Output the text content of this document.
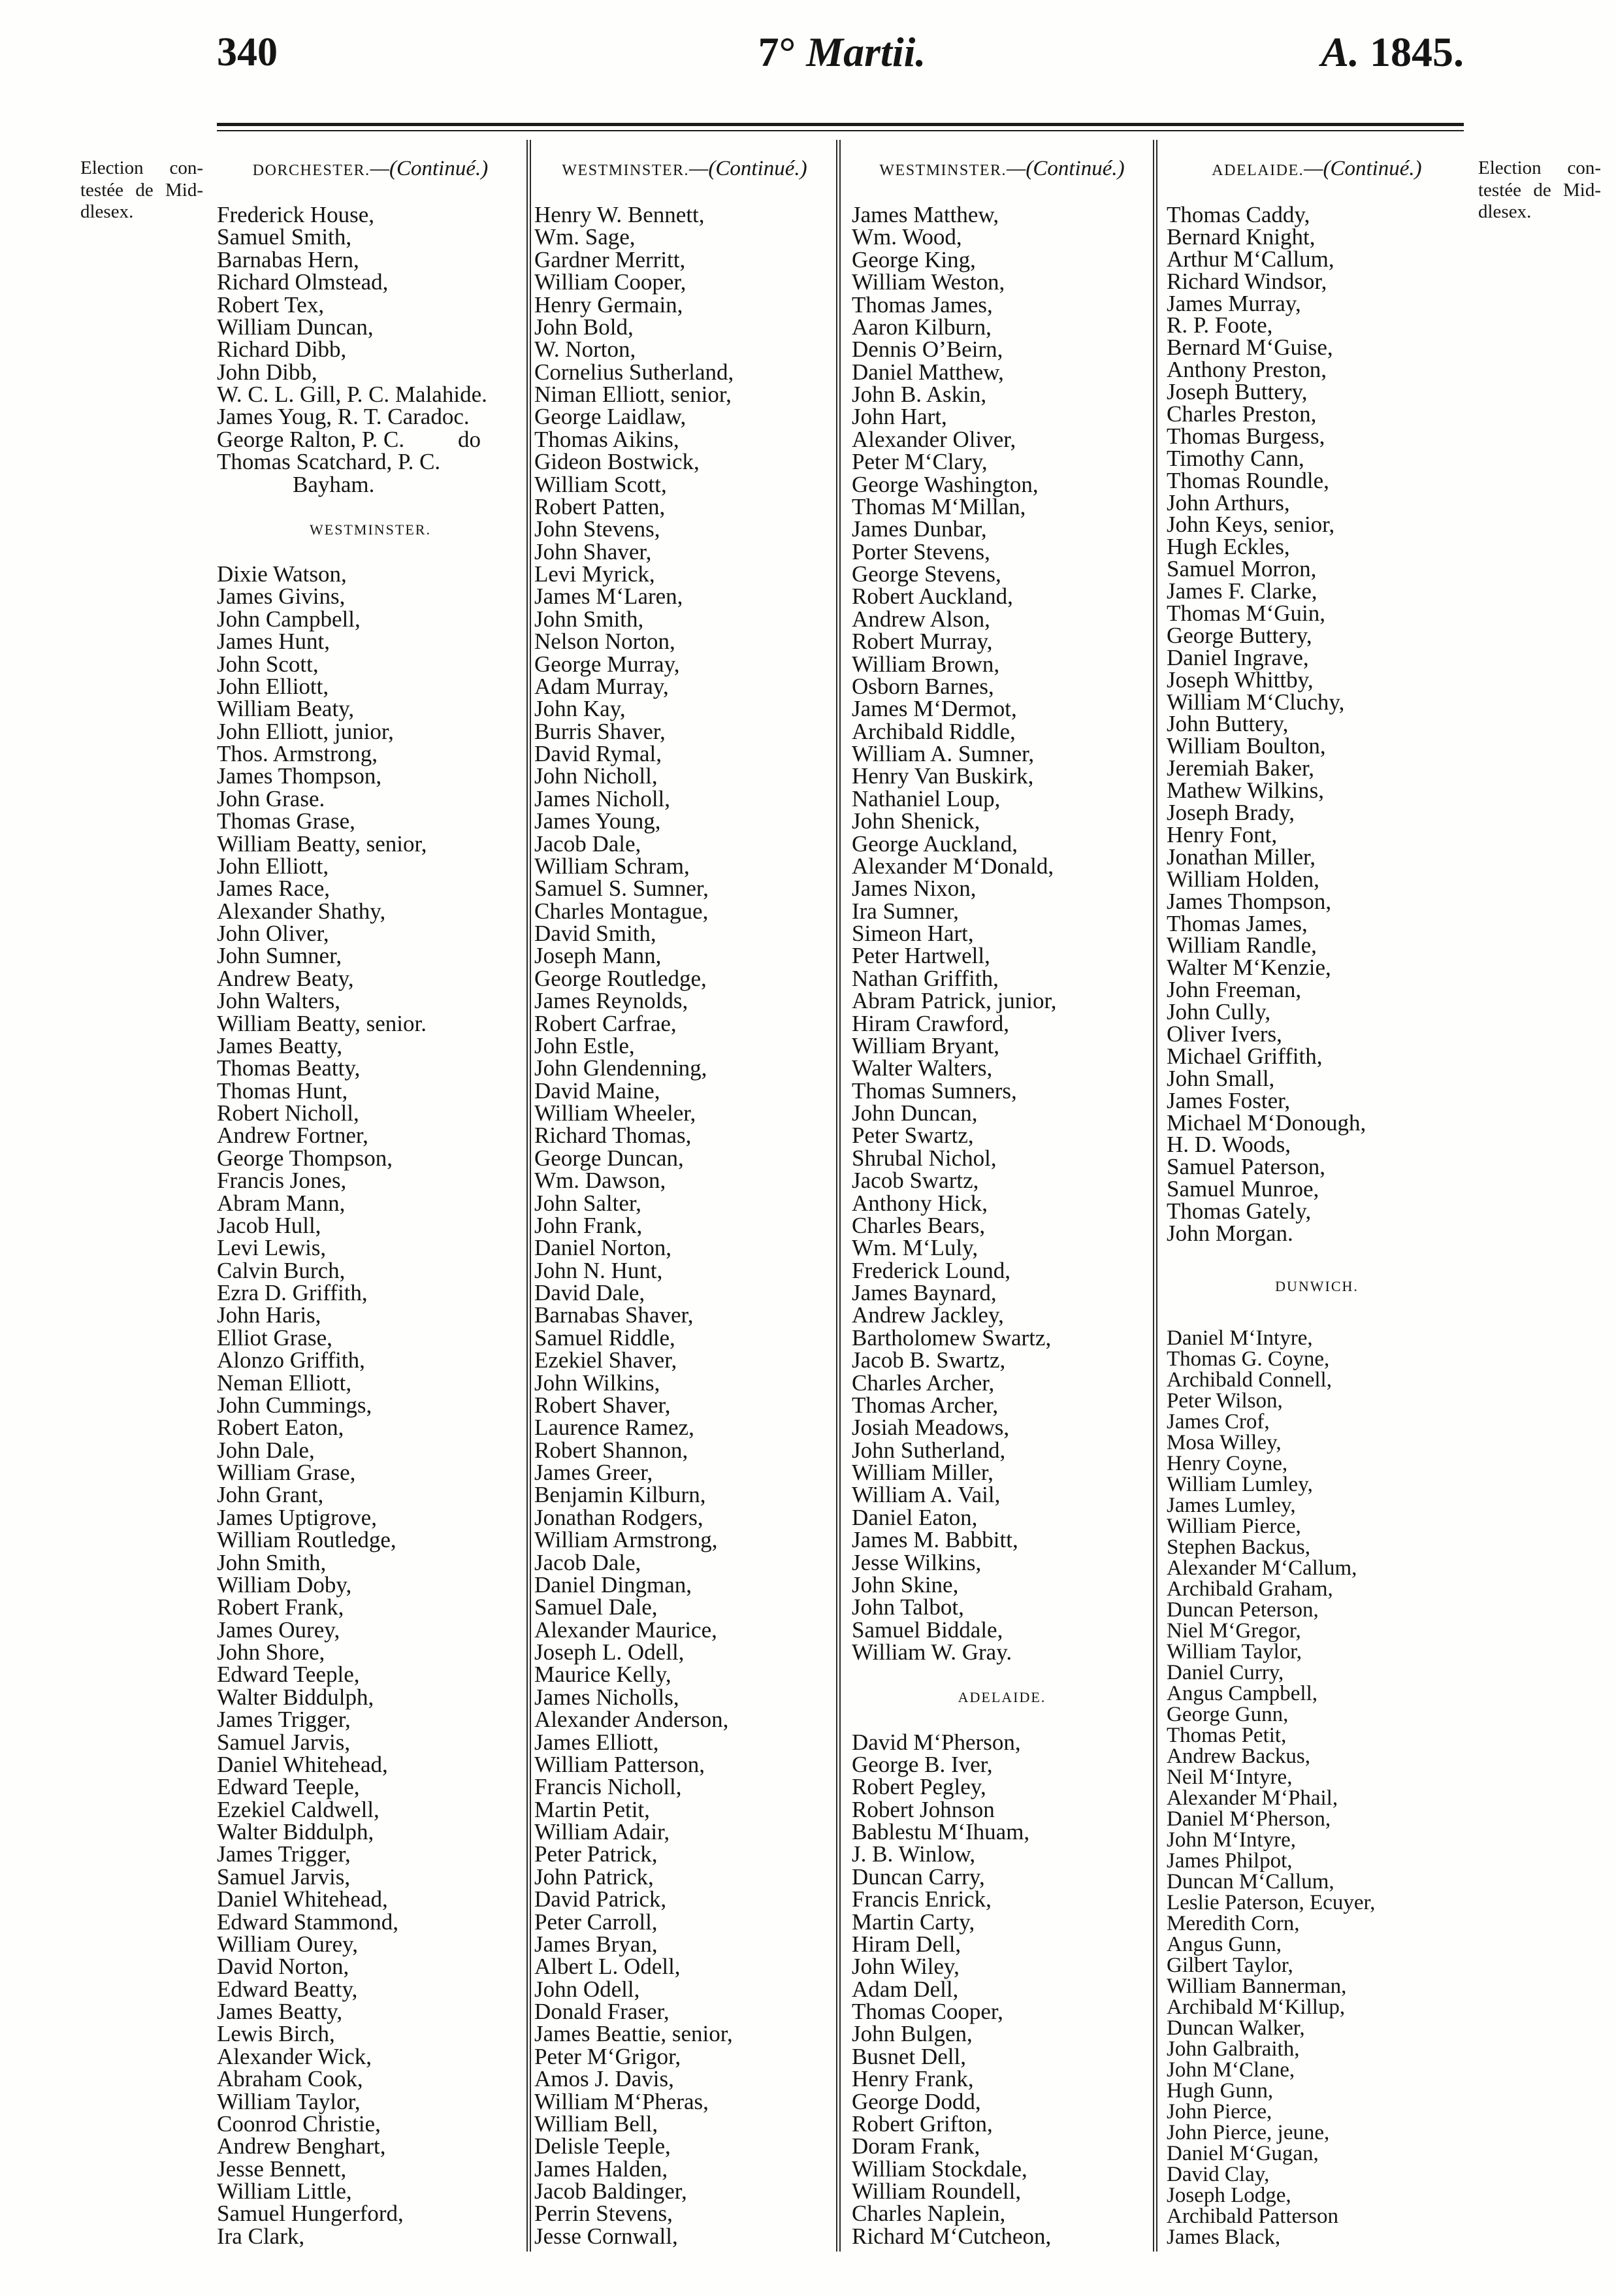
340	7° Martii.	A. 1845.
Election con-
testée de Mid-
dlesex.
Election con-
testée de Mid-
dlesex.
DORCHESTER.—(Continué.)
Frederick House,
Samuel Smith,
Barnabas Hern,
Richard Olmstead,
Robert Tex,
William Duncan,
Richard Dibb,
John Dibb,
W. C. L. Gill, P. C. Malahide.
James Youg, R. T. Caradoc.
George Ralton, P. C. do
Thomas Scatchard, P. C.
Bayham.
WESTMINSTER.
Dixie Watson,
James Givins,
John Campbell,
James Hunt,
John Scott,
John Elliott,
William Beaty,
John Elliott, junior,
Thos. Armstrong,
James Thompson,
John Grase.
Thomas Grase,
William Beatty, senior,
John Elliott,
James Race,
Alexander Shathy,
John Oliver,
John Sumner,
Andrew Beaty,
John Walters,
William Beatty, senior.
James Beatty,
Thomas Beatty,
Thomas Hunt,
Robert Nicholl,
Andrew Fortner,
George Thompson,
Francis Jones,
Abram Mann,
Jacob Hull,
Levi Lewis,
Calvin Burch,
Ezra D. Griffith,
John Haris,
Elliot Grase,
Alonzo Griffith,
Neman Elliott,
John Cummings,
Robert Eaton,
John Dale,
William Grase,
John Grant,
James Uptigrove,
William Routledge,
John Smith,
William Doby,
Robert Frank,
James Ourey,
John Shore,
Edward Teeple,
Walter Biddulph,
James Trigger,
Samuel Jarvis,
Daniel Whitehead,
Edward Teeple,
Ezekiel Caldwell,
Walter Biddulph,
James Trigger,
Samuel Jarvis,
Daniel Whitehead,
Edward Stammond,
William Ourey,
David Norton,
Edward Beatty,
James Beatty,
Lewis Birch,
Alexander Wick,
Abraham Cook,
William Taylor,
Coonrod Christie,
Andrew Benghart,
Jesse Bennett,
William Little,
Samuel Hungerford,
Ira Clark,
WESTMINSTER.—(Continué.)
Henry W. Bennett,
Wm. Sage,
Gardner Merritt,
William Cooper,
Henry Germain,
John Bold,
W. Norton,
Cornelius Sutherland,
Niman Elliott, senior,
George Laidlaw,
Thomas Aikins,
Gideon Bostwick,
William Scott,
Robert Patten,
John Stevens,
John Shaver,
Levi Myrick,
James M‘Laren,
John Smith,
Nelson Norton,
George Murray,
Adam Murray,
John Kay,
Burris Shaver,
David Rymal,
John Nicholl,
James Nicholl,
James Young,
Jacob Dale,
William Schram,
Samuel S. Sumner,
Charles Montague,
David Smith,
Joseph Mann,
George Routledge,
James Reynolds,
Robert Carfrae,
John Estle,
John Glendenning,
David Maine,
William Wheeler,
Richard Thomas,
George Duncan,
Wm. Dawson,
John Salter,
John Frank,
Daniel Norton,
John N. Hunt,
David Dale,
Barnabas Shaver,
Samuel Riddle,
Ezekiel Shaver,
John Wilkins,
Robert Shaver,
Laurence Ramez,
Robert Shannon,
James Greer,
Benjamin Kilburn,
Jonathan Rodgers,
William Armstrong,
Jacob Dale,
Daniel Dingman,
Samuel Dale,
Alexander Maurice,
Joseph L. Odell,
Maurice Kelly,
James Nicholls,
Alexander Anderson,
James Elliott,
William Patterson,
Francis Nicholl,
Martin Petit,
William Adair,
Peter Patrick,
John Patrick,
David Patrick,
Peter Carroll,
James Bryan,
Albert L. Odell,
John Odell,
Donald Fraser,
James Beattie, senior,
Peter M‘Grigor,
Amos J. Davis,
William M‘Pheras,
William Bell,
Delisle Teeple,
James Halden,
Jacob Baldinger,
Perrin Stevens,
Jesse Cornwall,
WESTMINSTER.—(Continué.)
James Matthew,
Wm. Wood,
George King,
William Weston,
Thomas James,
Aaron Kilburn,
Dennis O’Beirn,
Daniel Matthew,
John B. Askin,
John Hart,
Alexander Oliver,
Peter M‘Clary,
George Washington,
Thomas M‘Millan,
James Dunbar,
Porter Stevens,
George Stevens,
Robert Auckland,
Andrew Alson,
Robert Murray,
William Brown,
Osborn Barnes,
James M‘Dermot,
Archibald Riddle,
William A. Sumner,
Henry Van Buskirk,
Nathaniel Loup,
John Shenick,
George Auckland,
Alexander M‘Donald,
James Nixon,
Ira Sumner,
Simeon Hart,
Peter Hartwell,
Nathan Griffith,
Abram Patrick, junior,
Hiram Crawford,
William Bryant,
Walter Walters,
Thomas Sumners,
John Duncan,
Peter Swartz,
Shrubal Nichol,
Jacob Swartz,
Anthony Hick,
Charles Bears,
Wm. M‘Luly,
Frederick Lound,
James Baynard,
Andrew Jackley,
Bartholomew Swartz,
Jacob B. Swartz,
Charles Archer,
Thomas Archer,
Josiah Meadows,
John Sutherland,
William Miller,
William A. Vail,
Daniel Eaton,
James M. Babbitt,
Jesse Wilkins,
John Skine,
John Talbot,
Samuel Biddale,
William W. Gray.
ADELAIDE.
David M‘Pherson,
George B. Iver,
Robert Pegley,
Robert Johnson
Bablestu M‘Ihuam,
J. B. Winlow,
Duncan Carry,
Francis Enrick,
Martin Carty,
Hiram Dell,
John Wiley,
Adam Dell,
Thomas Cooper,
John Bulgen,
Busnet Dell,
Henry Frank,
George Dodd,
Robert Grifton,
Doram Frank,
William Stockdale,
William Roundell,
Charles Naplein,
Richard M‘Cutcheon,
ADELAIDE.—(Continué.)
Thomas Caddy,
Bernard Knight,
Arthur M‘Callum,
Richard Windsor,
James Murray,
R. P. Foote,
Bernard M‘Guise,
Anthony Preston,
Joseph Buttery,
Charles Preston,
Thomas Burgess,
Timothy Cann,
Thomas Roundle,
John Arthurs,
John Keys, senior,
Hugh Eckles,
Samuel Morron,
James F. Clarke,
Thomas M‘Guin,
George Buttery,
Daniel Ingrave,
Joseph Whittby,
William M‘Cluchy,
John Buttery,
William Boulton,
Jeremiah Baker,
Mathew Wilkins,
Joseph Brady,
Henry Font,
Jonathan Miller,
William Holden,
James Thompson,
Thomas James,
William Randle,
Walter M‘Kenzie,
John Freeman,
John Cully,
Oliver Ivers,
Michael Griffith,
John Small,
James Foster,
Michael M‘Donough,
H. D. Woods,
Samuel Paterson,
Samuel Munroe,
Thomas Gately,
John Morgan.
DUNWICH.
Daniel M‘Intyre,
Thomas G. Coyne,
Archibald Connell,
Peter Wilson,
James Crof,
Mosa Willey,
Henry Coyne,
William Lumley,
James Lumley,
William Pierce,
Stephen Backus,
Alexander M‘Callum,
Archibald Graham,
Duncan Peterson,
Niel M‘Gregor,
William Taylor,
Daniel Curry,
Angus Campbell,
George Gunn,
Thomas Petit,
Andrew Backus,
Neil M‘Intyre,
Alexander M‘Phail,
Daniel M‘Pherson,
John M‘Intyre,
James Philpot,
Duncan M‘Callum,
Leslie Paterson, Ecuyer,
Meredith Corn,
Angus Gunn,
Gilbert Taylor,
William Bannerman,
Archibald M‘Killup,
Duncan Walker,
John Galbraith,
John M‘Clane,
Hugh Gunn,
John Pierce,
John Pierce, jeune,
Daniel M‘Gugan,
David Clay,
Joseph Lodge,
Archibald Patterson
James Black,
